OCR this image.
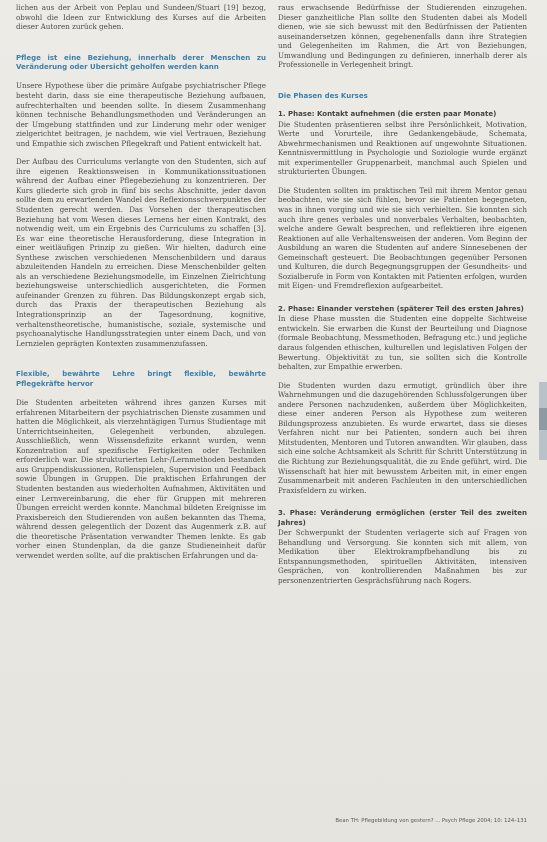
lichen aus der Arbeit von Peplau und Sundeen/Stuart [19] bezog, obwohl die Ideen zur Entwicklung des Kurses auf die Arbeiten dieser Autoren zurück gehen.

Pflege ist eine Beziehung, innerhalb derer Menschen zu Veränderung oder Ubersicht geholfen werden kann

Unsere Hypothese über die primäre Aufgabe psychiatrischer Pflege besteht darin, dass sie eine therapeutische Beziehung aufbauen, aufrechterhalten und beenden sollte. In diesem Zusammenhang können technische Behandlungsmethoden und Veränderungen an der Umgebung stattfinden und zur Linderung mehr oder weniger zielgerichtet beitragen, je nachdem, wie viel Vertrauen, Beziehung und Empathie sich zwischen Pflegekraft und Patient entwickelt hat.

Der Aufbau des Curriculums verlangte von den Studenten, sich auf ihre eigenen Reaktionsweisen in Kommunikationssituationen während der Aufbau einer Pflegebeziehung zu konzentrieren. Der Kurs gliederte sich grob in fünf bis sechs Abschnitte, jeder davon sollte dem zu erwartenden Wandel des Reflexionsschwerpunktes der Studenten gerecht werden. Das Vorsehen der therapeutischen Beziehung hat vom Wesen dieses Lernens her einen Kontrakt, des notwendig weit, um ein Ergebnis des Curriculums zu schaffen [3]. Es war eine theoretische Herausforderung, diese Integration in einer weitläufigen Prinzip zu gießen. Wir hielten, dadurch eine Synthese zwischen verschiedenen Menschenbildern und daraus abzuleitenden Handeln zu erreichen. Diese Menschenbilder gelten als an verschiedene Beziehungsmodelle, im Einzelnen Zielrichtung beziehungsweise unterschiedlich ausgerichteten, die Formen aufeinander Grenzen zu führen. Das Bildungskonzept ergab sich, durch das Praxis der therapeutischen Beziehung als Integrationsprinzip an der Tagesordnung, kognitive, verhaltenstheoretische, humanistische, soziale, systemische und psychoanalytische Handlungsstrategien unter einem Dach, und von Lernzielen geprägten Kontexten zusammenzufassen.

Flexible, bewährte Lehre bringt flexible, bewährte Pflegekräfte hervor

Die Studenten arbeiteten während ihres ganzen Kurses mit erfahrenen Mitarbeitern der psychiatrischen Dienste zusammen und hatten die Möglichkeit, als vierzehntägigen Turnus Studientage mit Unterrichtseinheiten, Gelegenheit verbunden, abzulegen. Ausschließlich, wenn Wissensdefizite erkannt wurden, wenn Konzentration auf spezifische Fertigkeiten oder Techniken erforderlich war. Die strukturierten Lehr-/Lernmethoden bestanden aus Gruppendiskussionen, Rollenspielen, Supervision und Feedback sowie Übungen in Gruppen. Die praktischen Erfahrungen der Studenten bestanden aus wiederholten Aufnahmen, Aktivitäten und einer Lernvereinbarung, die eher für Gruppen mit mehreren Übungen erreicht werden konnte. Manchmal bildeten Ereignisse im Praxisbereich den Studierenden von außen bekannten das Thema, während dessen gelegentlich der Dozent das Augenmerk z.B. auf die theoretische Präsentation verwandter Themen lenkte. Es gab vorher einen Stundenplan, da die ganze Studieneinheit dafür verwendet werden sollte, auf die praktischen Erfahrungen und da-

raus erwachsende Bedürfnisse der Studierenden einzugehen. Dieser ganzheitliche Plan sollte den Studenten dabei als Modell dienen, wie sie sich bewusst mit den Bedürfnissen der Patienten auseinandersetzen können, gegebenenfalls dann ihre Strategien und Gelegenheiten im Rahmen, die Art von Beziehungen, Umwandlung und Bedingungen zu definieren, innerhalb derer als Professionelle in Verlegenheit bringt.

Die Phasen des Kurses
1. Phase: Kontakt aufnehmen (die ersten paar Monate)

Die Studenten präsentieren selbst ihre Persönlichkeit, Motivation, Werte und Vorurteile, ihre Gedankengebäude, Schemata, Abwehrmechanismen und Reaktionen auf ungewohnte Situationen. Kenntnisvermittlung in Psychologie und Soziologie wurde ergänzt mit experimenteller Gruppenarbeit, manchmal auch Spielen und strukturierten Übungen.

Die Studenten sollten im praktischen Teil mit ihrem Mentor genau beobachten, wie sie sich fühlen, bevor sie Patienten begegneten, was in ihnen vorging und wie sie sich verhielten. Sie konnten sich auch ihre genes verbales und nonverbales Verhalten, beobachten, welche andere Gewalt besprechen, und reflektieren ihre eigenen Reaktionen auf alle Verhaltensweisen der anderen. Vom Beginn der Ausbildung an waren die Studenten auf andere Sinnesebenen der Gemeinschaft gesteuert. Die Beobachtungen gegenüber Personen und Kulturen, die durch Begegnungsgruppen der Gesundheits- und Sozialberufe in Form von Kontakten mit Patienten erfolgen, wurden mit Eigen- und Fremdreflexion aufgearbeitet.

2. Phase: Einander verstehen (späterer Teil des ersten Jahres)

In diese Phase mussten die Studenten eine doppelte Sichtweise entwickeln. Sie erwarben die Kunst der Beurteilung und Diagnose (formale Beobachtung, Messmethoden, Befragung etc.) und jegliche daraus folgenden ethischen, kulturellen und legislativen Folgen der Bewertung. Objektivität zu tun, sie sollten sich die Kontrolle behalten, zur Empathie erwerben.

Die Studenten wurden dazu ermutigt, gründlich über ihre Wahrnehmungen und die dazugehörenden Schlussfolgerungen über andere Personen nachzudenken, außerdem über Möglichkeiten, diese einer anderen Person als Hypothese zum weiteren Bildungsprozess anzubieten. Es wurde erwartet, dass sie dieses Verfahren nicht nur bei Patienten, sondern auch bei ihren Mitstudenten, Mentoren und Tutoren anwandten. Wir glauben, dass sich eine solche Achtsamkeit als Schritt für Schritt Unterstützung in die Richtung zur Beziehungsqualität, die zu Ende geführt, wird. Die Wissenschaft hat hier mit bewusstem Arbeiten mit, in einer engen Zusammenarbeit mit anderen Fachleuten in den unterschiedlichen Praxisfeldern zu wirken.

3. Phase: Veränderung ermöglichen (erster Teil des zweiten Jahres)

Der Schwerpunkt der Studenten verlagerte sich auf Fragen von Behandlung und Versorgung. Sie konnten sich mit allem, von Medikation über Elektrokrampfbehandlung bis zu Entspannungsmethoden, spirituellen Aktivitäten, intensiven Gesprächen, von kontrollierenden Maßnahmen bis zur personenzentrierten Gesprächsführung nach Rogers.

Bean TH: Pflegebildung von gestern? ... Psych Pflege 2004; 10: 124–131
